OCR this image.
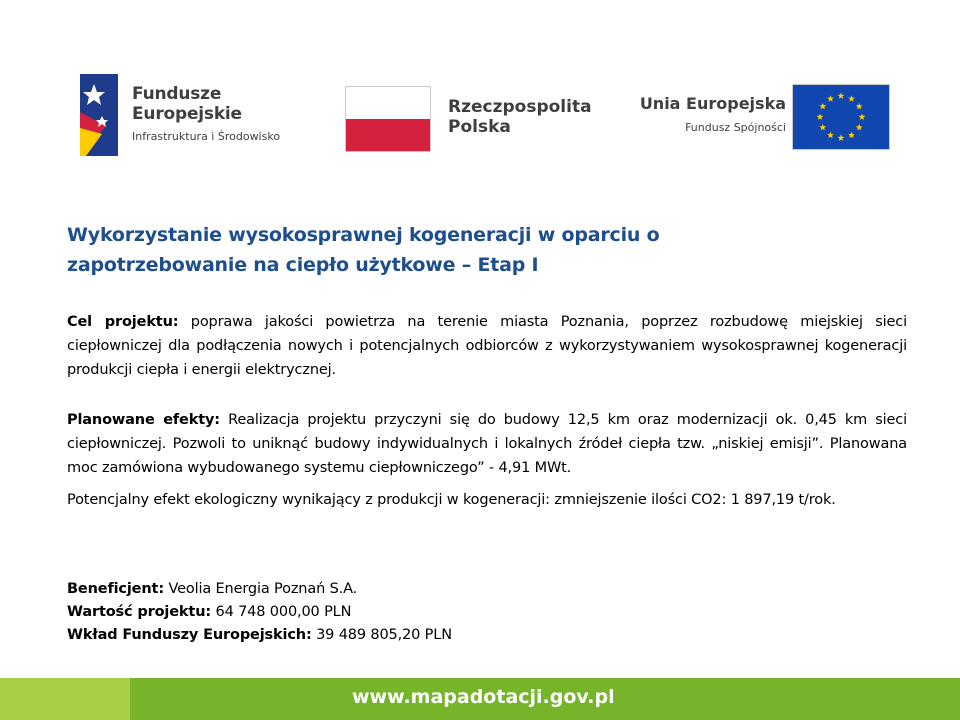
Fundusze
Europejskie
Infrastruktura i Środowisko
Rzeczpospolita
Polska
Unia Europejska
Fundusz Spójności
Wykorzystanie wysokosprawnej kogeneracji w oparciu o zapotrzebowanie na ciepło użytkowe – Etap I
Cel projektu: poprawa jakości powietrza na terenie miasta Poznania, poprzez rozbudowę miejskiej sieci ciepłowniczej dla podłączenia nowych i potencjalnych odbiorców z wykorzystywaniem wysokosprawnej kogeneracji produkcji ciepła i energii elektrycznej.
Planowane efekty: Realizacja projektu przyczyni się do budowy 12,5 km oraz modernizacji ok. 0,45 km sieci ciepłowniczej. Pozwoli to uniknąć budowy indywidualnych i lokalnych źródeł ciepła tzw. „niskiej emisji”. Planowana moc zamówiona wybudowanego systemu ciepłowniczego” - 4,91 MWt.
Potencjalny efekt ekologiczny wynikający z produkcji w kogeneracji: zmniejszenie ilości CO2: 1 897,19 t/rok.
Beneficjent: Veolia Energia Poznań S.A.
Wartość projektu: 64 748 000,00 PLN
Wkład Funduszy Europejskich: 39 489 805,20 PLN
www.mapadotacji.gov.pl
